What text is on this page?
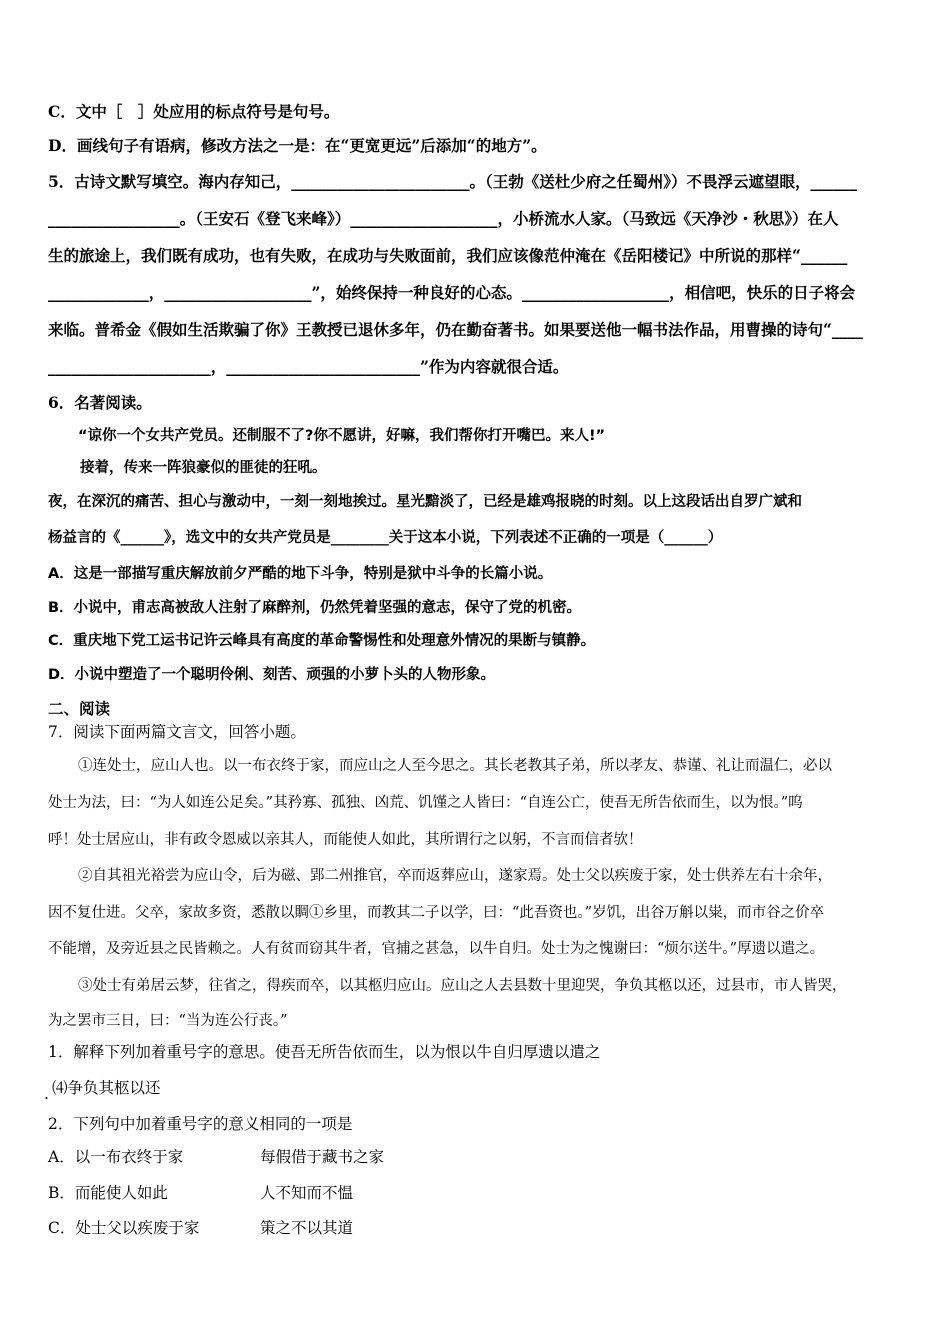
C．文中［　］处应用的标点符号是句号。
D．画线句子有语病，修改方法之一是：在“更宽更远”后添加“的地方”。
5．古诗文默写填空。海内存知己，_______________________。（王勃《送杜少府之任蜀州》）不畏浮云遮望眼，______
_________________。（王安石《登飞来峰》）___________________，小桥流水人家。（马致远《天净沙・秋思》）在人
生的旅途上，我们既有成功，也有失败，在成功与失败面前，我们应该像范仲淹在《岳阳楼记》中所说的那样“______
_____________，___________________”，始终保持一种良好的心态。___________________，相信吧，快乐的日子将会
来临。普希金《假如生活欺骗了你》王教授已退休多年，仍在勤奋著书。如果要送他一幅书法作品，用曹操的诗句“____
_____________________，_________________________”作为内容就很合适。
6．名著阅读。
“谅你一个女共产党员。还制服不了?你不愿讲，好嘛，我们帮你打开嘴巴。来人!”
接着，传来一阵狼豪似的匪徒的狂吼。
夜，在深沉的痛苦、担心与激动中，一刻一刻地挨过。星光黯淡了，已经是雄鸡报晓的时刻。以上这段话出自罗广斌和
杨益言的《______》，选文中的女共产党员是________关于这本小说，下列表述不正确的一项是（______）
A．这是一部描写重庆解放前夕严酷的地下斗争，特别是狱中斗争的长篇小说。
B．小说中，甫志高被敌人注射了麻醉剂，仍然凭着坚强的意志，保守了党的机密。
C．重庆地下党工运书记许云峰具有高度的革命警惕性和处理意外情况的果断与镇静。
D．小说中塑造了一个聪明伶俐、刻苦、顽强的小萝卜头的人物形象。
二、阅读
7．阅读下面两篇文言文，回答小题。
①连处士，应山人也。以一布衣终于家，而应山之人至今思之。其长老教其子弟，所以孝友、恭谨、礼让而温仁，必以
处士为法，曰：“为人如连公足矣。”其矜寡、孤独、凶荒、饥馑之人皆曰：“自连公亡，使吾无所告依而生，以为恨。”呜
呼！处士居应山，非有政令恩威以亲其人，而能使人如此，其所谓行之以躬，不言而信者欤！
②自其祖光裕尝为应山令，后为磁、郢二州推官，卒而返葬应山，遂家焉。处士父以疾废于家，处士供养左右十余年，
因不复仕进。父卒，家故多资，悉散以賙①乡里，而教其二子以学，曰：“此吾资也。”岁饥，出谷万斛以粜，而市谷之价卒
不能增，及旁近县之民皆赖之。人有贫而窃其牛者，官捕之甚急，以牛自归。处士为之愧谢曰：“烦尔送牛。”厚遗以遣之。
③处士有弟居云梦，往省之，得疾而卒，以其柩归应山。应山之人去县数十里迎哭，争负其柩以还，过县市，市人皆哭，
为之罢市三日，曰：“当为连公行丧。”
1．解释下列加着重号字的意思。使吾无所告依而生，以为恨以牛自归厚遗以遣之
. ⑷争负其柩以还
2．下列句中加着重号字的意义相同的一项是
A．以一布衣终于家	每假借于藏书之家
B．而能使人如此	人不知而不愠
C．处士父以疾废于家	策之不以其道
